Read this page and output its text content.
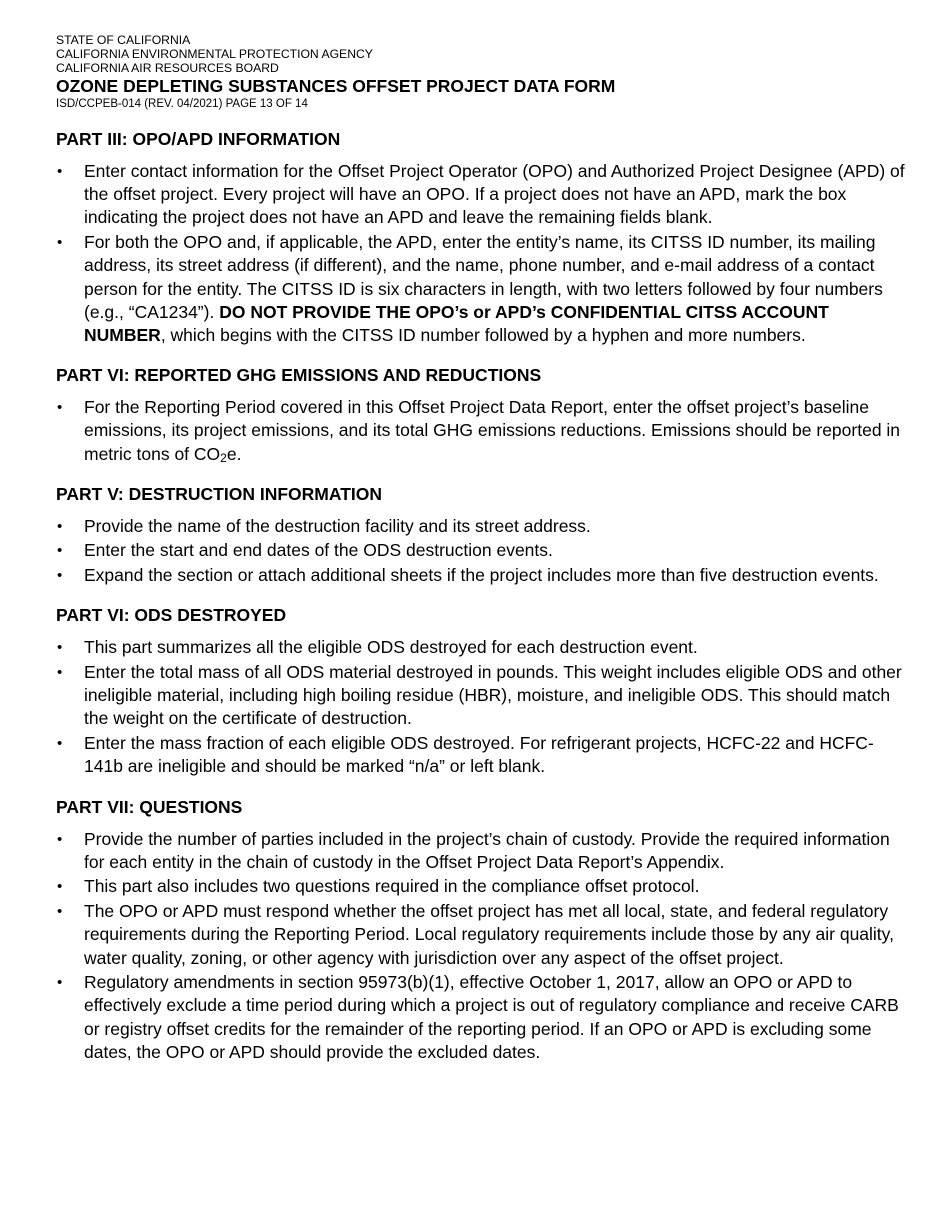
STATE OF CALIFORNIA

CALIFORNIA ENVIRONMENTAL PROTECTION AGENCY

CALIFORNIA AIR RESOURCES BOARD

OZONE DEPLETING SUBSTANCES OFFSET PROJECT DATA FORM

ISD/CCPEB-014 (REV. 04/2021) PAGE 13 OF 14

PART III: OPO/APD INFORMATION

• Enter contact information for the Offset Project Operator (OPO) and Authorized Project Designee (APD) of the offset project. Every project will have an OPO. If a project does not have an APD, mark the box indicating the project does not have an APD and leave the remaining fields blank.
• For both the OPO and, if applicable, the APD, enter the entity’s name, its CITSS ID number, its mailing address, its street address (if different), and the name, phone number, and e-mail address of a contact person for the entity. The CITSS ID is six characters in length, with two letters followed by four numbers (e.g., “CA1234”). DO NOT PROVIDE THE OPO’s or APD’s CONFIDENTIAL CITSS ACCOUNT NUMBER, which begins with the CITSS ID number followed by a hyphen and more numbers.

PART VI: REPORTED GHG EMISSIONS AND REDUCTIONS

• For the Reporting Period covered in this Offset Project Data Report, enter the offset project’s baseline emissions, its project emissions, and its total GHG emissions reductions. Emissions should be reported in metric tons of $CO_2e$.

PART V: DESTRUCTION INFORMATION

• Provide the name of the destruction facility and its street address.
• Enter the start and end dates of the ODS destruction events.
• Expand the section or attach additional sheets if the project includes more than five destruction events.

PART VI: ODS DESTROYED

• This part summarizes all the eligible ODS destroyed for each destruction event.
• Enter the total mass of all ODS material destroyed in pounds. This weight includes eligible ODS and other ineligible material, including high boiling residue (HBR), moisture, and ineligible ODS. This should match the weight on the certificate of destruction.
• Enter the mass fraction of each eligible ODS destroyed. For refrigerant projects, HCFC-22 and HCFC-141b are ineligible and should be marked “n/a” or left blank.

PART VII: QUESTIONS

• Provide the number of parties included in the project’s chain of custody. Provide the required information for each entity in the chain of custody in the Offset Project Data Report’s Appendix.
• This part also includes two questions required in the compliance offset protocol.
• The OPO or APD must respond whether the offset project has met all local, state, and federal regulatory requirements during the Reporting Period. Local regulatory requirements include those by any air quality, water quality, zoning, or other agency with jurisdiction over any aspect of the offset project.
• Regulatory amendments in section 95973(b)(1), effective October 1, 2017, allow an OPO or APD to effectively exclude a time period during which a project is out of regulatory compliance and receive CARB or registry offset credits for the remainder of the reporting period. If an OPO or APD is excluding some dates, the OPO or APD should provide the excluded dates.
